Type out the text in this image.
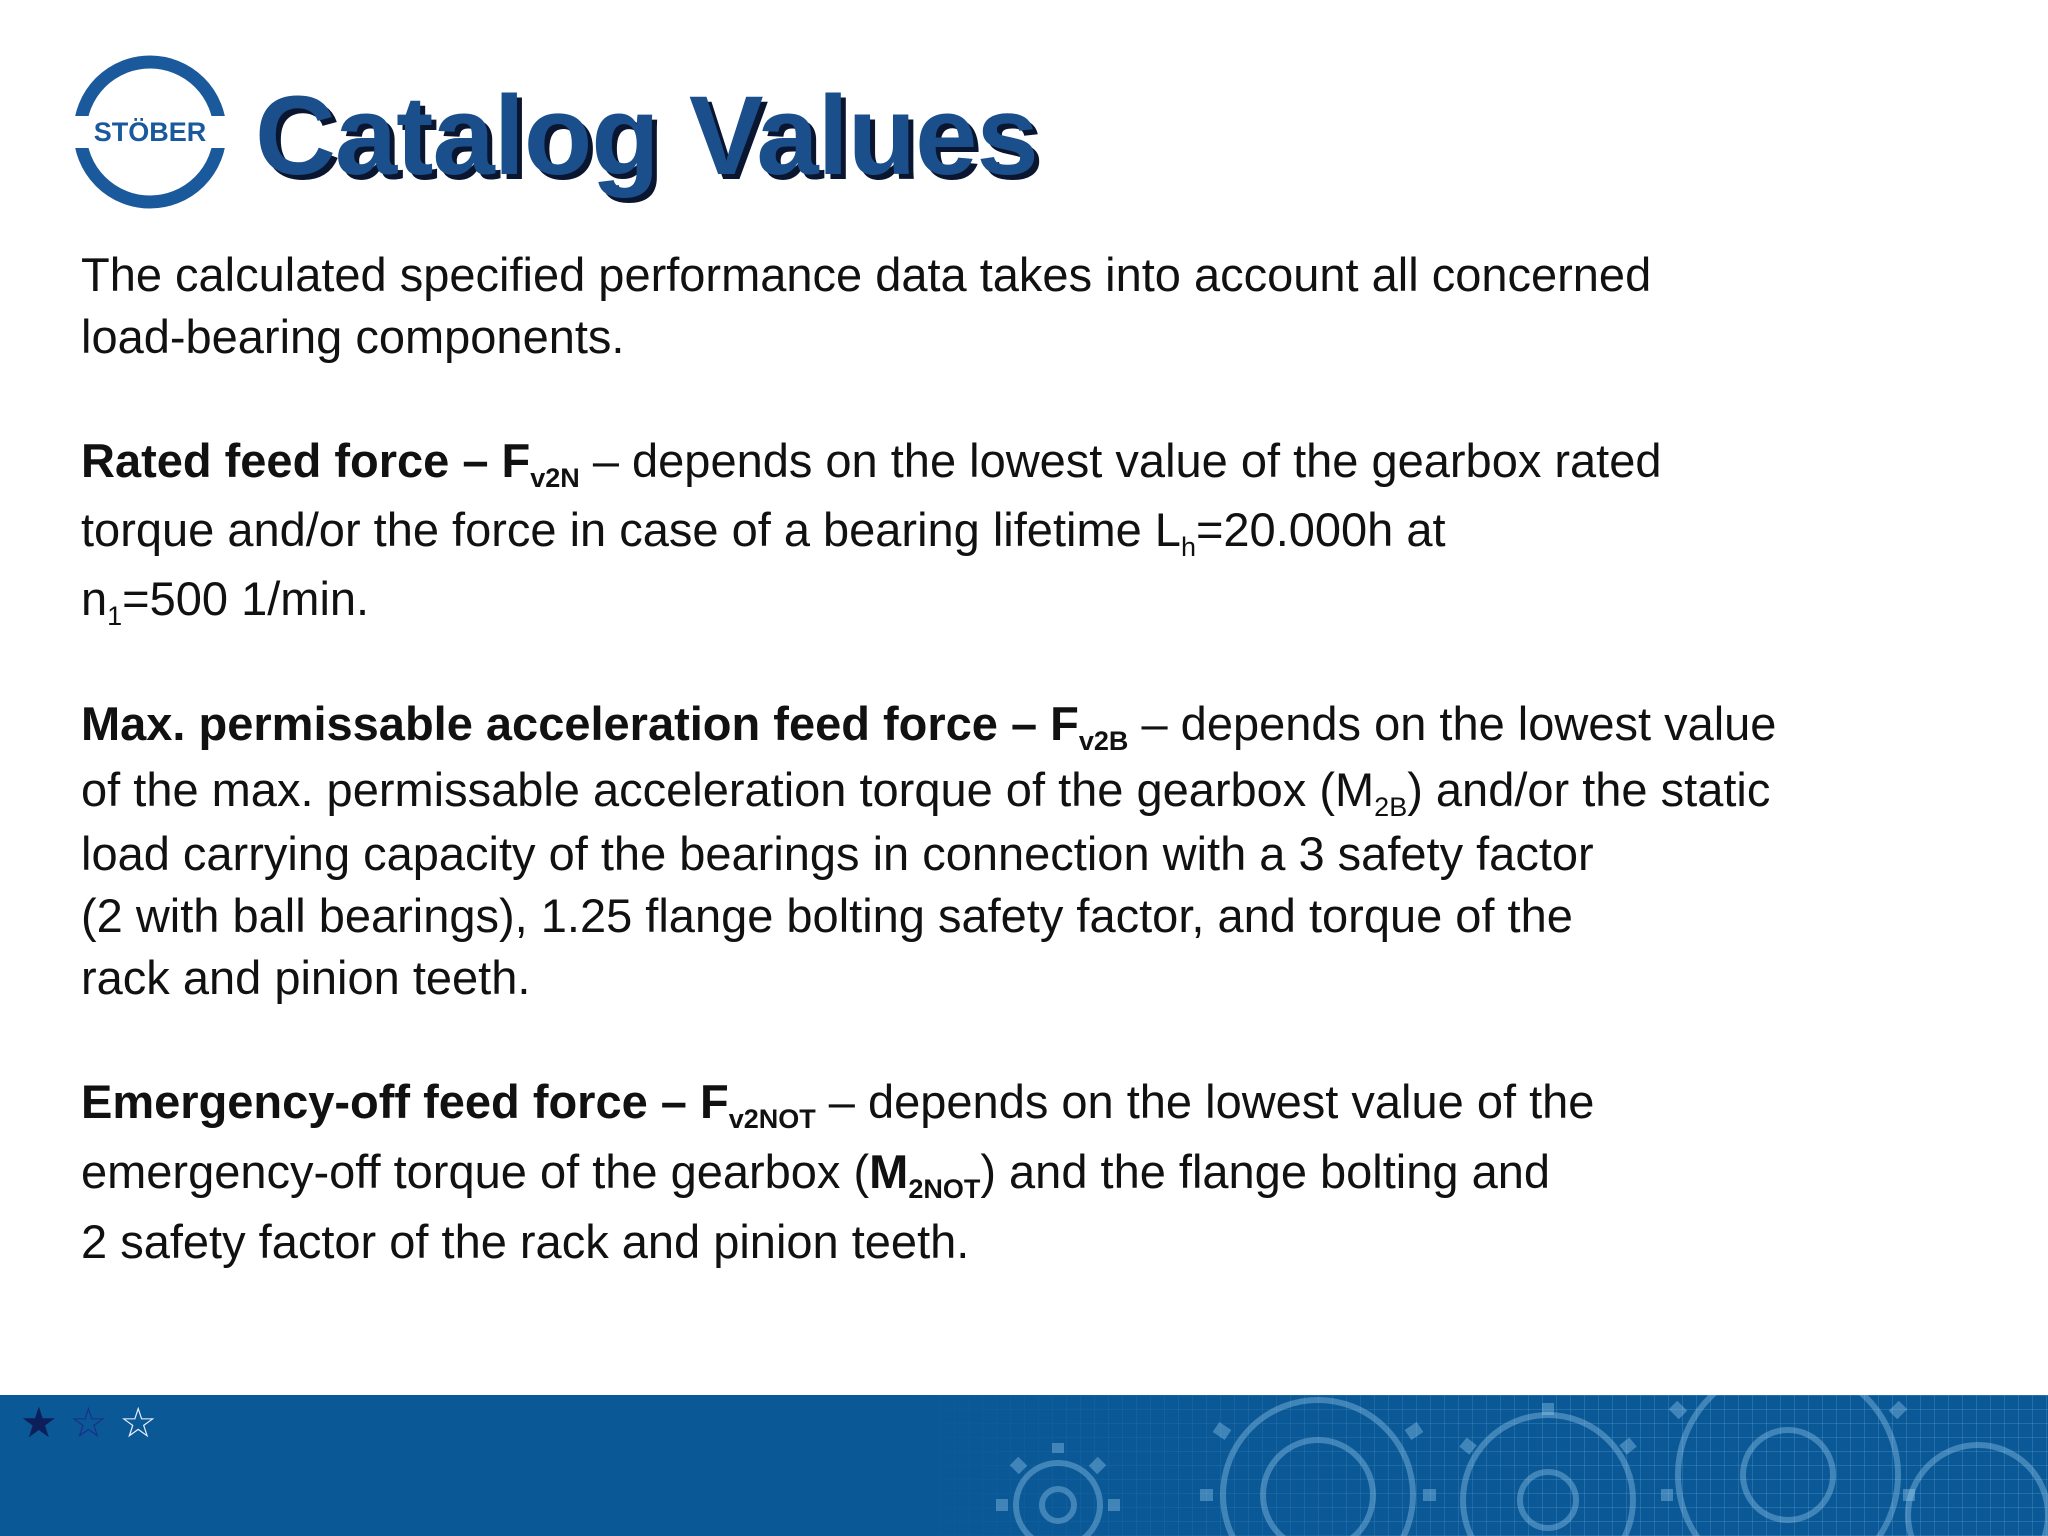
STÖBER Catalog Values

The calculated specified performance data takes into account all concerned
load-bearing components.

Rated feed force – $F_{v2N}$ – depends on the lowest value of the gearbox rated
torque and/or the force in case of a bearing lifetime $L_h=20.000h$ at
$n_1=500$ 1/min.

Max. permissable acceleration feed force – $F_{v2B}$ – depends on the lowest value
of the max. permissable acceleration torque of the gearbox $(M_{2B})$ and/or the static
load carrying capacity of the bearings in connection with a 3 safety factor
(2 with ball bearings), 1.25 flange bolting safety factor, and torque of the
rack and pinion teeth.

Emergency-off feed force – $F_{v2NOT}$ – depends on the lowest value of the
emergency-off torque of the gearbox $(M_{2NOT})$ and the flange bolting and
2 safety factor of the rack and pinion teeth.

★ ☆ ☆
